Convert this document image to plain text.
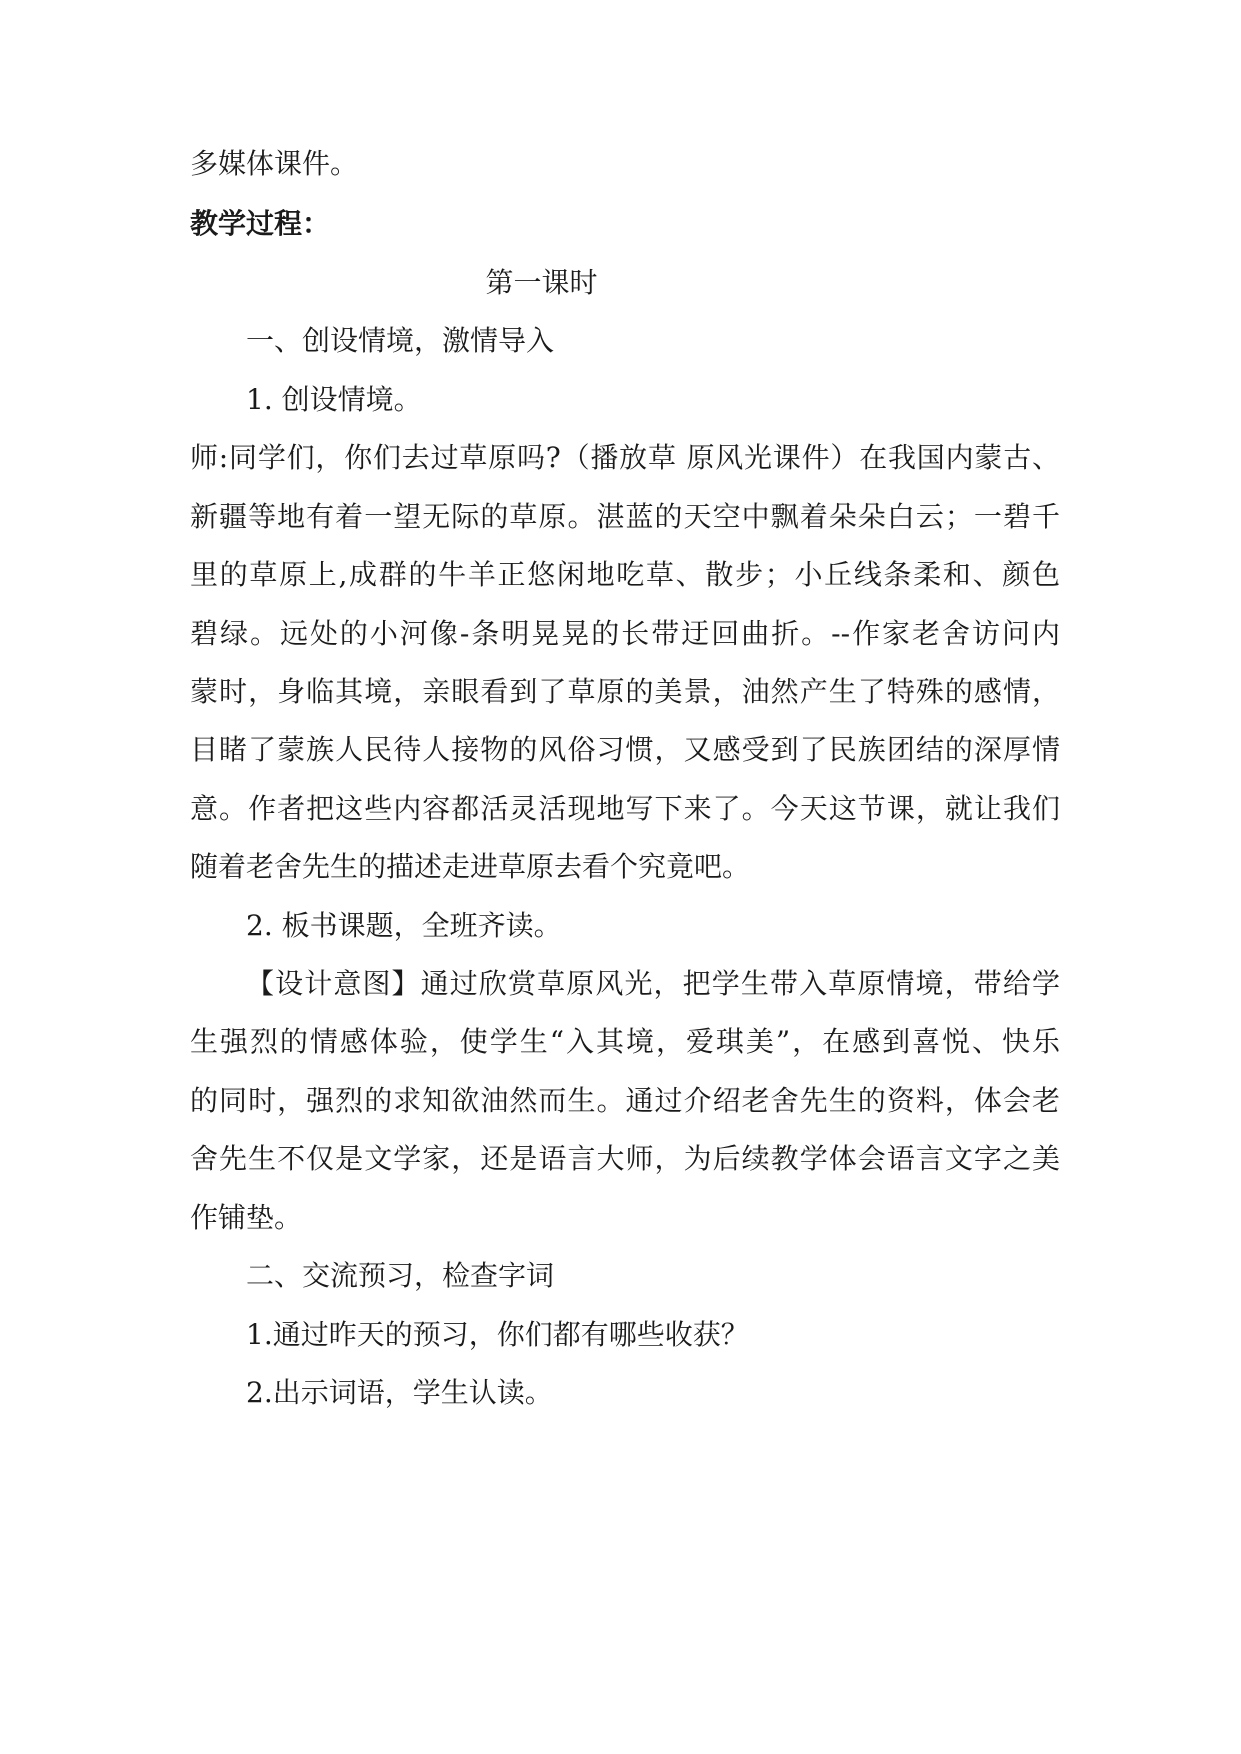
多媒体课件。
教学过程：
第一课时
一、创设情境，激情导入
1. 创设情境。
师:同学们，你们去过草原吗?（播放草 原风光课件）在我国内蒙古、
新疆等地有着一望无际的草原。湛蓝的天空中飘着朵朵白云；一碧千
里的草原上,成群的牛羊正悠闲地吃草、散步；小丘线条柔和、颜色
碧绿。远处的小河像-条明晃晃的长带迂回曲折。--作家老舍访问内
蒙时，身临其境，亲眼看到了草原的美景，油然产生了特殊的感情，
目睹了蒙族人民待人接物的风俗习惯，又感受到了民族团结的深厚情
意。作者把这些内容都活灵活现地写下来了。今天这节课，就让我们
随着老舍先生的描述走进草原去看个究竟吧。
2. 板书课题，全班齐读。
【设计意图】通过欣赏草原风光，把学生带入草原情境，带给学
生强烈的情感体验，使学生“入其境，爱琪美”，在感到喜悦、快乐
的同时，强烈的求知欲油然而生。通过介绍老舍先生的资料，体会老
舍先生不仅是文学家，还是语言大师，为后续教学体会语言文字之美
作铺垫。
二、交流预习，检查字词
1.通过昨天的预习，你们都有哪些收获？
2.出示词语，学生认读。
